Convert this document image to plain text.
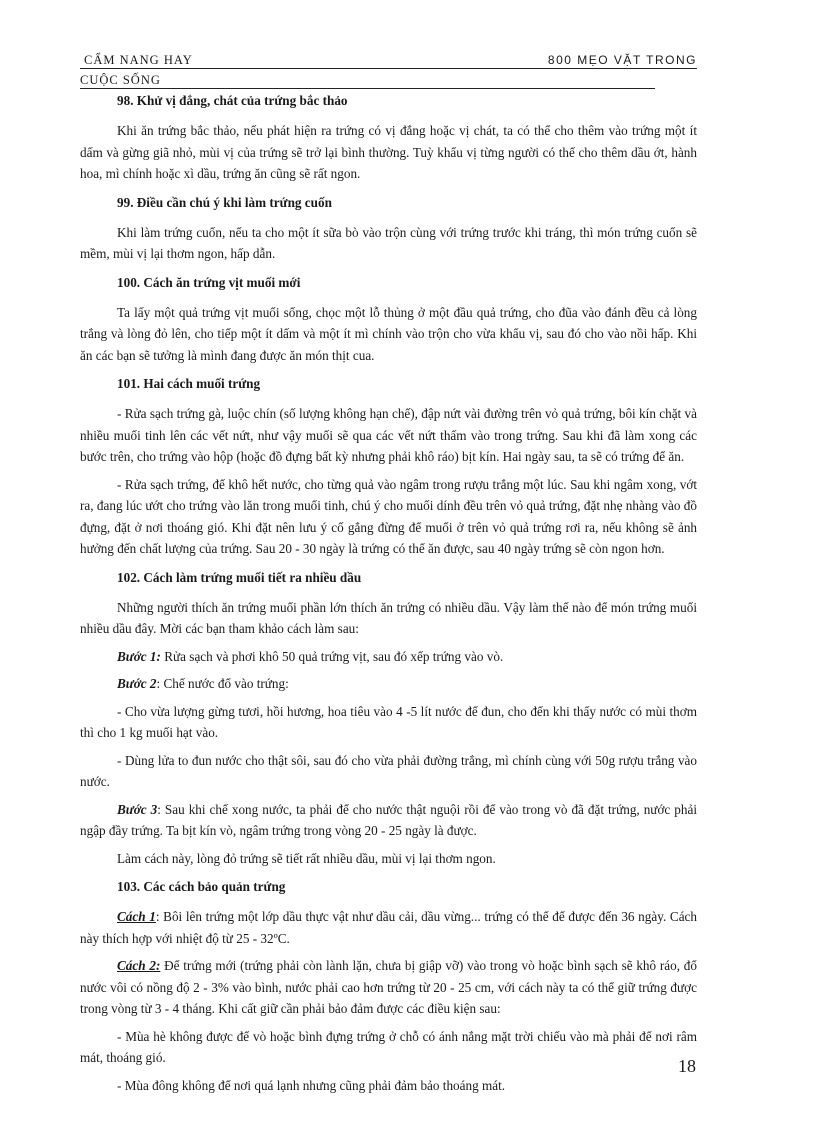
CẨM NANG HAY	800 MẸO VẶT TRONG
CUỘC SỐNG
98. Khử vị đắng, chát của trứng bắc thảo

Khi ăn trứng bắc thảo, nếu phát hiện ra trứng có vị đắng hoặc vị chát, ta có thể cho thêm vào trứng một ít dấm và gừng giã nhỏ, mùi vị của trứng sẽ trở lại bình thường. Tuỳ khẩu vị từng người có thể cho thêm dầu ớt, hành hoa, mì chính hoặc xì dầu, trứng ăn cũng sẽ rất ngon.

99. Điều cần chú ý khi làm trứng cuốn

Khi làm trứng cuốn, nếu ta cho một ít sữa bò vào trộn cùng với trứng trước khi tráng, thì món trứng cuốn sẽ mềm, mùi vị lại thơm ngon, hấp dẫn.

100. Cách ăn trứng vịt muối mới

Ta lấy một quả trứng vịt muối sống, chọc một lỗ thủng ở một đầu quả trứng, cho đũa vào đánh đều cả lòng trắng và lòng đỏ lên, cho tiếp một ít dấm và một ít mì chính vào trộn cho vừa khẩu vị, sau đó cho vào nồi hấp. Khi ăn các bạn sẽ tưởng là mình đang được ăn món thịt cua.

101. Hai cách muối trứng

- Rửa sạch trứng gà, luộc chín (số lượng không hạn chế), đập nứt vài đường trên vỏ quả trứng, bôi kín chặt và nhiều muối tinh lên các vết nứt, như vậy muối sẽ qua các vết nứt thấm vào trong trứng. Sau khi đã làm xong các bước trên, cho trứng vào hộp (hoặc đồ đựng bất kỳ nhưng phải khô ráo) bịt kín. Hai ngày sau, ta sẽ có trứng để ăn.

- Rửa sạch trứng, để khô hết nước, cho từng quả vào ngâm trong rượu trắng một lúc. Sau khi ngâm xong, vớt ra, đang lúc ướt cho trứng vào lăn trong muối tinh, chú ý cho muối dính đều trên vỏ quả trứng, đặt nhẹ nhàng vào đồ đựng, đặt ở nơi thoáng gió. Khi đặt nên lưu ý cố gắng đừng để muối ở trên vỏ quả trứng rơi ra, nếu không sẽ ảnh hưởng đến chất lượng của trứng. Sau 20 - 30 ngày là trứng có thể ăn được, sau 40 ngày trứng sẽ còn ngon hơn.

102. Cách làm trứng muối tiết ra nhiều dầu

Những người thích ăn trứng muối phần lớn thích ăn trứng có nhiều dầu. Vậy làm thế nào để món trứng muối nhiều dầu đây. Mời các bạn tham khảo cách làm sau:

Bước 1: Rửa sạch và phơi khô 50 quả trứng vịt, sau đó xếp trứng vào vò.

Bước 2: Chế nước đổ vào trứng:

- Cho vừa lượng gừng tươi, hồi hương, hoa tiêu vào 4 -5 lít nước để đun, cho đến khi thấy nước có mùi thơm thì cho 1 kg muối hạt vào.

- Dùng lửa to đun nước cho thật sôi, sau đó cho vừa phải đường trắng, mì chính cùng với 50g rượu trắng vào nước.

Bước 3: Sau khi chế xong nước, ta phải để cho nước thật nguội rồi để vào trong vò đã đặt trứng, nước phải ngập đầy trứng. Ta bịt kín vò, ngâm trứng trong vòng 20 - 25 ngày là được.

Làm cách này, lòng đỏ trứng sẽ tiết rất nhiều dầu, mùi vị lại thơm ngon.

103. Các cách bảo quản trứng

Cách 1: Bôi lên trứng một lớp dầu thực vật như dầu cải, dầu vừng... trứng có thể để được đến 36 ngày. Cách này thích hợp với nhiệt độ từ 25 - 32ºC.

Cách 2: Để trứng mới (trứng phải còn lành lặn, chưa bị giập vỡ) vào trong vò hoặc bình sạch sẽ khô ráo, đổ nước vôi có nồng độ 2 - 3% vào bình, nước phải cao hơn trứng từ 20 - 25 cm, với cách này ta có thể giữ trứng được trong vòng từ 3 - 4 tháng. Khi cất giữ cần phải bảo đảm được các điều kiện sau:

- Mùa hè không được để vò hoặc bình đựng trứng ở chỗ có ánh nắng mặt trời chiếu vào mà phải để nơi râm mát, thoáng gió.

- Mùa đông không để nơi quá lạnh nhưng cũng phải đảm bảo thoáng mát.

18
